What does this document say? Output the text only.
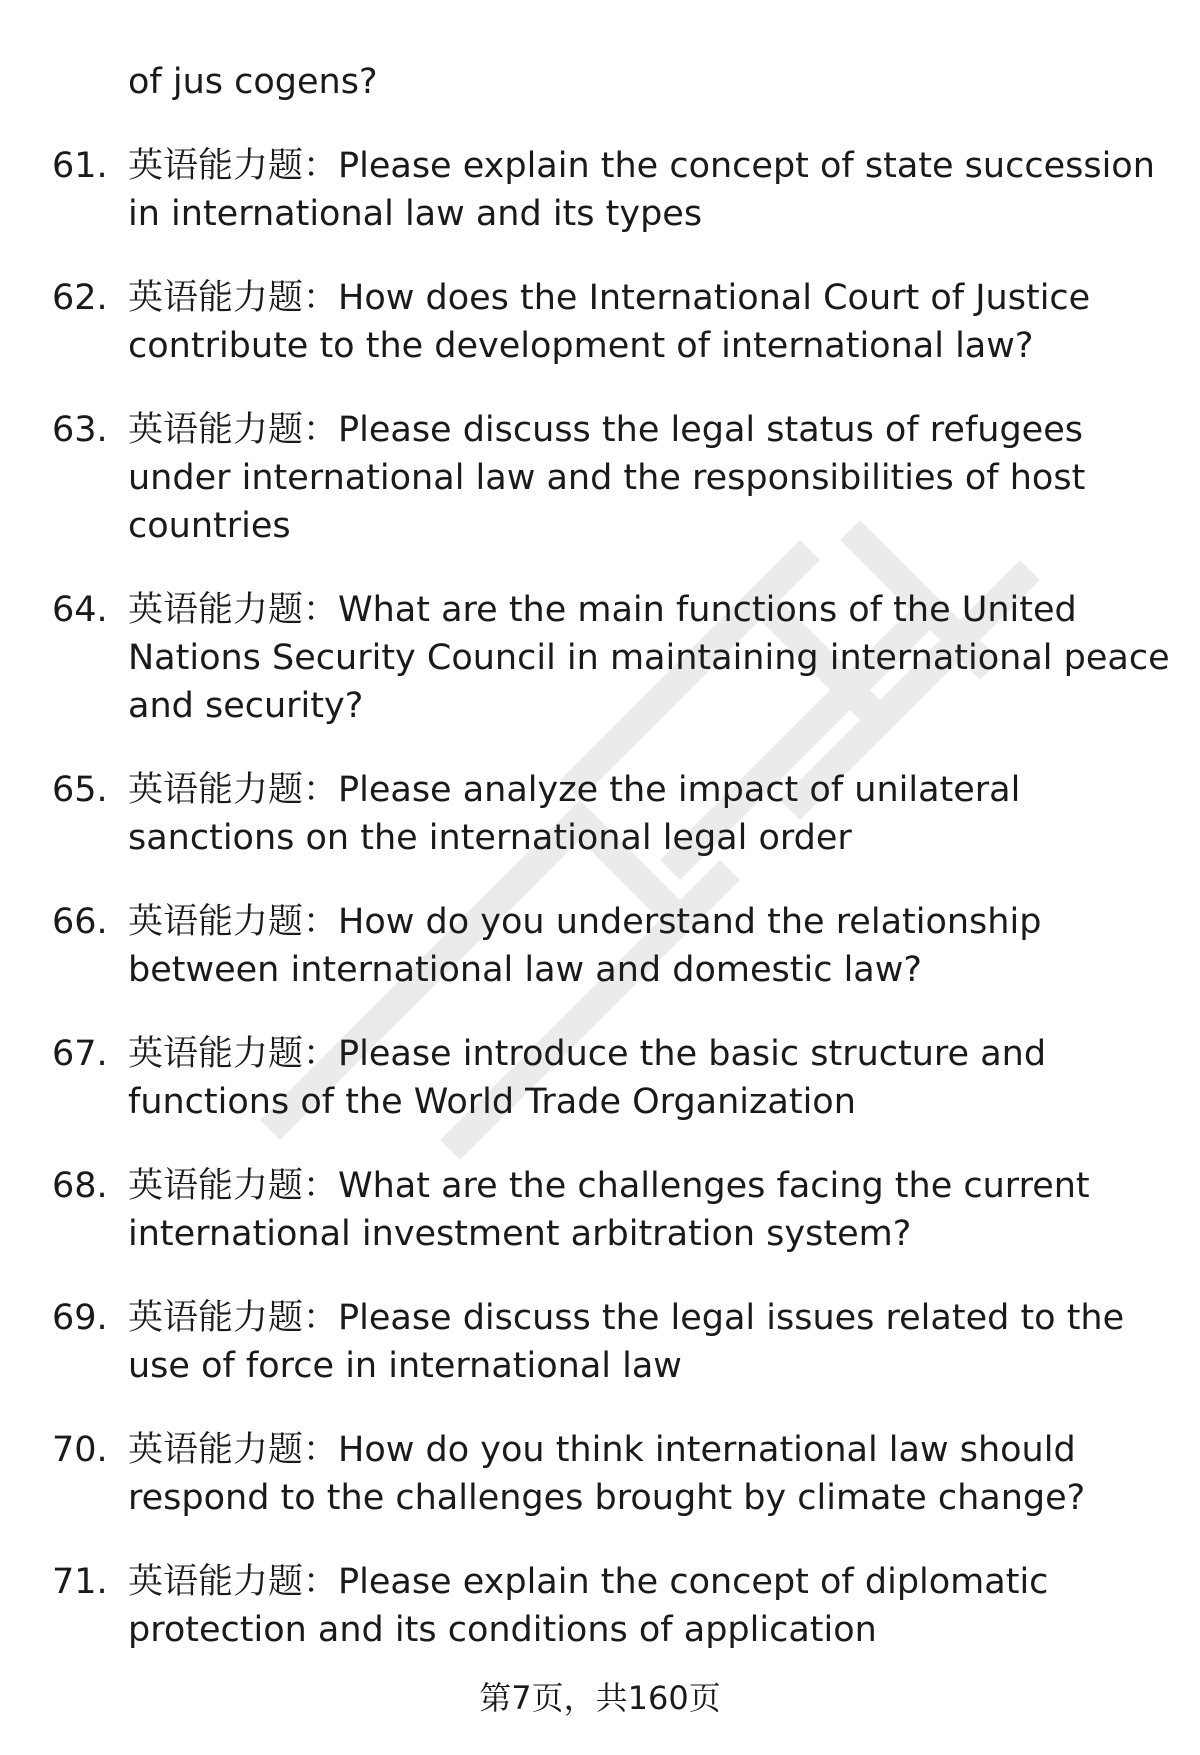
of jus cogens?

61. 英语能力题：Please explain the concept of state succession
in international law and its types
62. 英语能力题：How does the International Court of Justice
contribute to the development of international law?
63. 英语能力题：Please discuss the legal status of refugees
under international law and the responsibilities of host
countries
64. 英语能力题：What are the main functions of the United
Nations Security Council in maintaining international peace
and security?
65. 英语能力题：Please analyze the impact of unilateral
sanctions on the international legal order
66. 英语能力题：How do you understand the relationship
between international law and domestic law?
67. 英语能力题：Please introduce the basic structure and
functions of the World Trade Organization
68. 英语能力题：What are the challenges facing the current
international investment arbitration system?
69. 英语能力题：Please discuss the legal issues related to the
use of force in international law
70. 英语能力题：How do you think international law should
respond to the challenges brought by climate change?
71. 英语能力题：Please explain the concept of diplomatic
protection and its conditions of application

第7页，共160页
